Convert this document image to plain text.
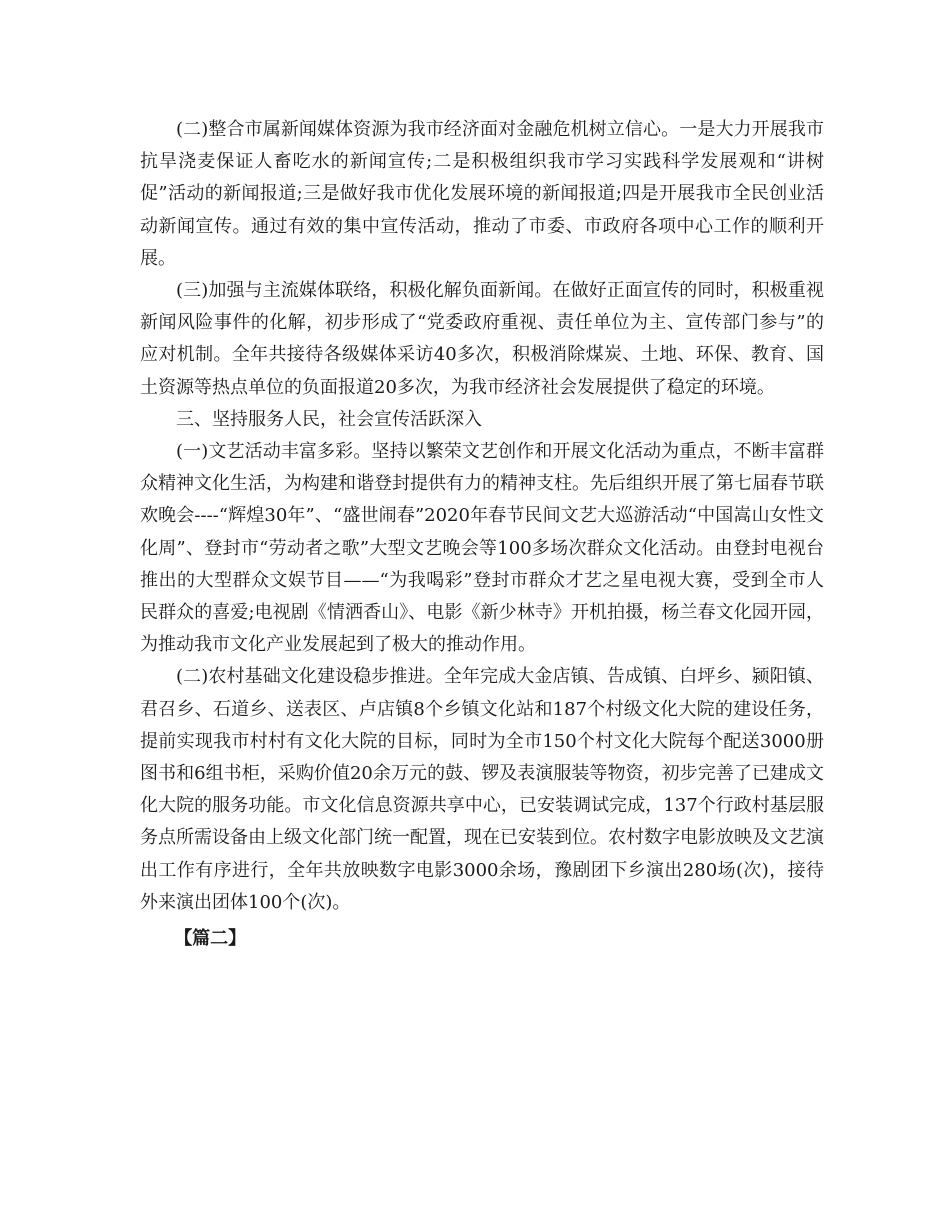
(二)整合市属新闻媒体资源为我市经济面对金融危机树立信心。一是大力开展我市抗旱浇麦保证人畜吃水的新闻宣传;二是积极组织我市学习实践科学发展观和“讲树促”活动的新闻报道;三是做好我市优化发展环境的新闻报道;四是开展我市全民创业活动新闻宣传。通过有效的集中宣传活动，推动了市委、市政府各项中心工作的顺利开展。

(三)加强与主流媒体联络，积极化解负面新闻。在做好正面宣传的同时，积极重视新闻风险事件的化解，初步形成了“党委政府重视、责任单位为主、宣传部门参与”的应对机制。全年共接待各级媒体采访40多次，积极消除煤炭、土地、环保、教育、国土资源等热点单位的负面报道20多次，为我市经济社会发展提供了稳定的环境。

三、坚持服务人民，社会宣传活跃深入

(一)文艺活动丰富多彩。坚持以繁荣文艺创作和开展文化活动为重点，不断丰富群众精神文化生活，为构建和谐登封提供有力的精神支柱。先后组织开展了第七届春节联欢晚会----“辉煌30年”、“盛世闹春”2020年春节民间文艺大巡游活动“中国嵩山女性文化周”、登封市“劳动者之歌”大型文艺晚会等100多场次群众文化活动。由登封电视台推出的大型群众文娱节目——“为我喝彩”登封市群众才艺之星电视大赛，受到全市人民群众的喜爱;电视剧《情洒香山》、电影《新少林寺》开机拍摄，杨兰春文化园开园，为推动我市文化产业发展起到了极大的推动作用。

(二)农村基础文化建设稳步推进。全年完成大金店镇、告成镇、白坪乡、颍阳镇、君召乡、石道乡、送表区、卢店镇8个乡镇文化站和187个村级文化大院的建设任务，提前实现我市村村有文化大院的目标，同时为全市150个村文化大院每个配送3000册图书和6组书柜，采购价值20余万元的鼓、锣及表演服装等物资，初步完善了已建成文化大院的服务功能。市文化信息资源共享中心，已安装调试完成，137个行政村基层服务点所需设备由上级文化部门统一配置，现在已安装到位。农村数字电影放映及文艺演出工作有序进行，全年共放映数字电影3000余场，豫剧团下乡演出280场(次)，接待外来演出团体100个(次)。

【篇二】
